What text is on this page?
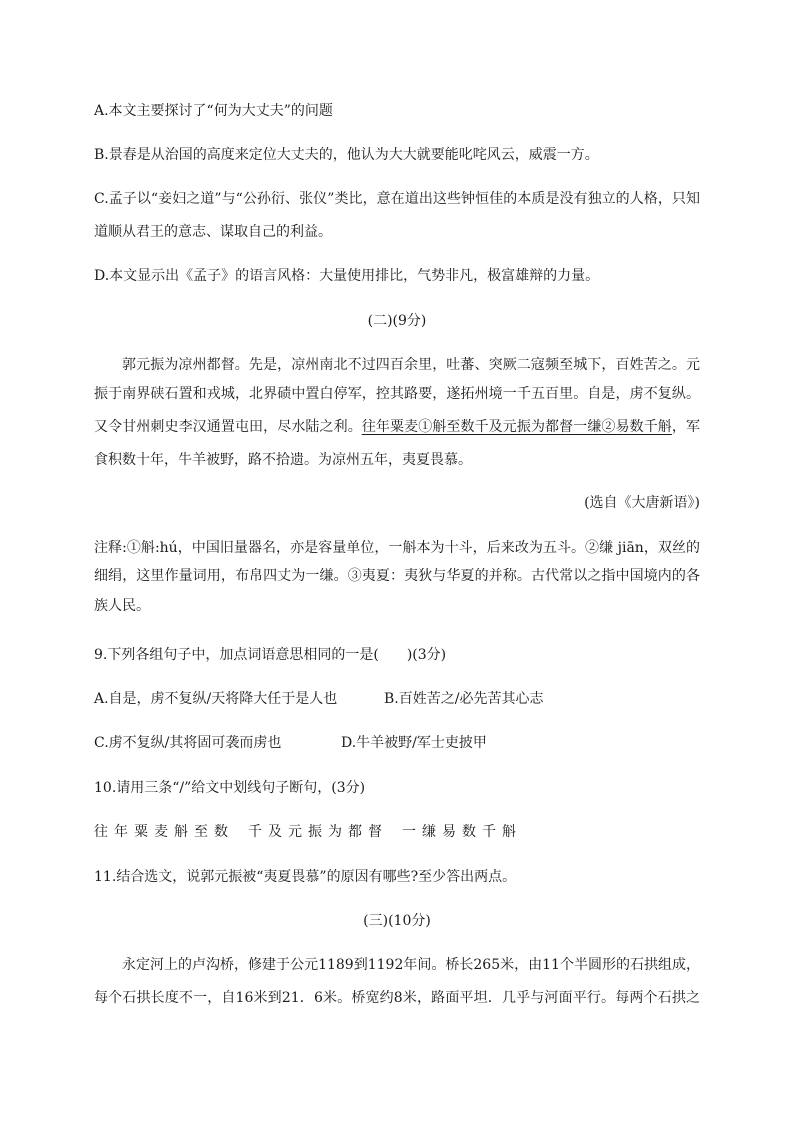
A.本文主要探讨了“何为大丈夫”的问题
B.景春是从治国的高度来定位大丈夫的，他认为大大就要能叱咤风云，威震一方。
C.孟子以“妾妇之道”与“公孙衍、张仪”类比，意在道出这些钟恒佳的本质是没有独立的人格，只知
道顺从君王的意志、谋取自己的利益。
D.本文显示出《孟子》的语言风格：大量使用排比，气势非凡，极富雄辩的力量。
(二)(9分)
郭元振为凉州都督。先是，凉州南北不过四百余里，吐蕃、突厥二寇频至城下，百姓苦之。元
振于南界硖石置和戎城，北界碛中置白停军，控其路要，遂拓州境一千五百里。自是，虏不复纵。
又令甘州刺史李汉通置屯田，尽水陆之利。往年粟麦①斛至数千及元振为都督一缣②易数千斛，军
食积数十年，牛羊被野，路不拾遗。为凉州五年，夷夏畏慕。
(选自《大唐新语》)
注释:①斛:hú，中国旧量器名，亦是容量单位，一斛本为十斗，后来改为五斗。②缣 jiān，双丝的
细绢，这里作量词用，布帛四丈为一缣。③夷夏：夷狄与华夏的并称。古代常以之指中国境内的各
族人民。
9.下列各组句子中，加点词语意思相同的一是(　　)(3分)
A.自是，虏不复纵/天将降大任于是人也	B.百姓苦之/必先苦其心志
C.虏不复纵/其将固可袭而虏也	D.牛羊被野/军士吏披甲
10.请用三条“/”给文中划线句子断句，(3分)
往年粟麦斛至数 千及元振为都督 一缣易数千斛
11.结合选文，说郭元振被“夷夏畏慕”的原因有哪些?至少答出两点。
(三)(10分)
永定河上的卢沟桥，修建于公元1189到1192年间。桥长265米，由11个半圆形的石拱组成，
每个石拱长度不一，自16米到21．6米。桥宽约8米，路面平坦．几乎与河面平行。每两个石拱之
